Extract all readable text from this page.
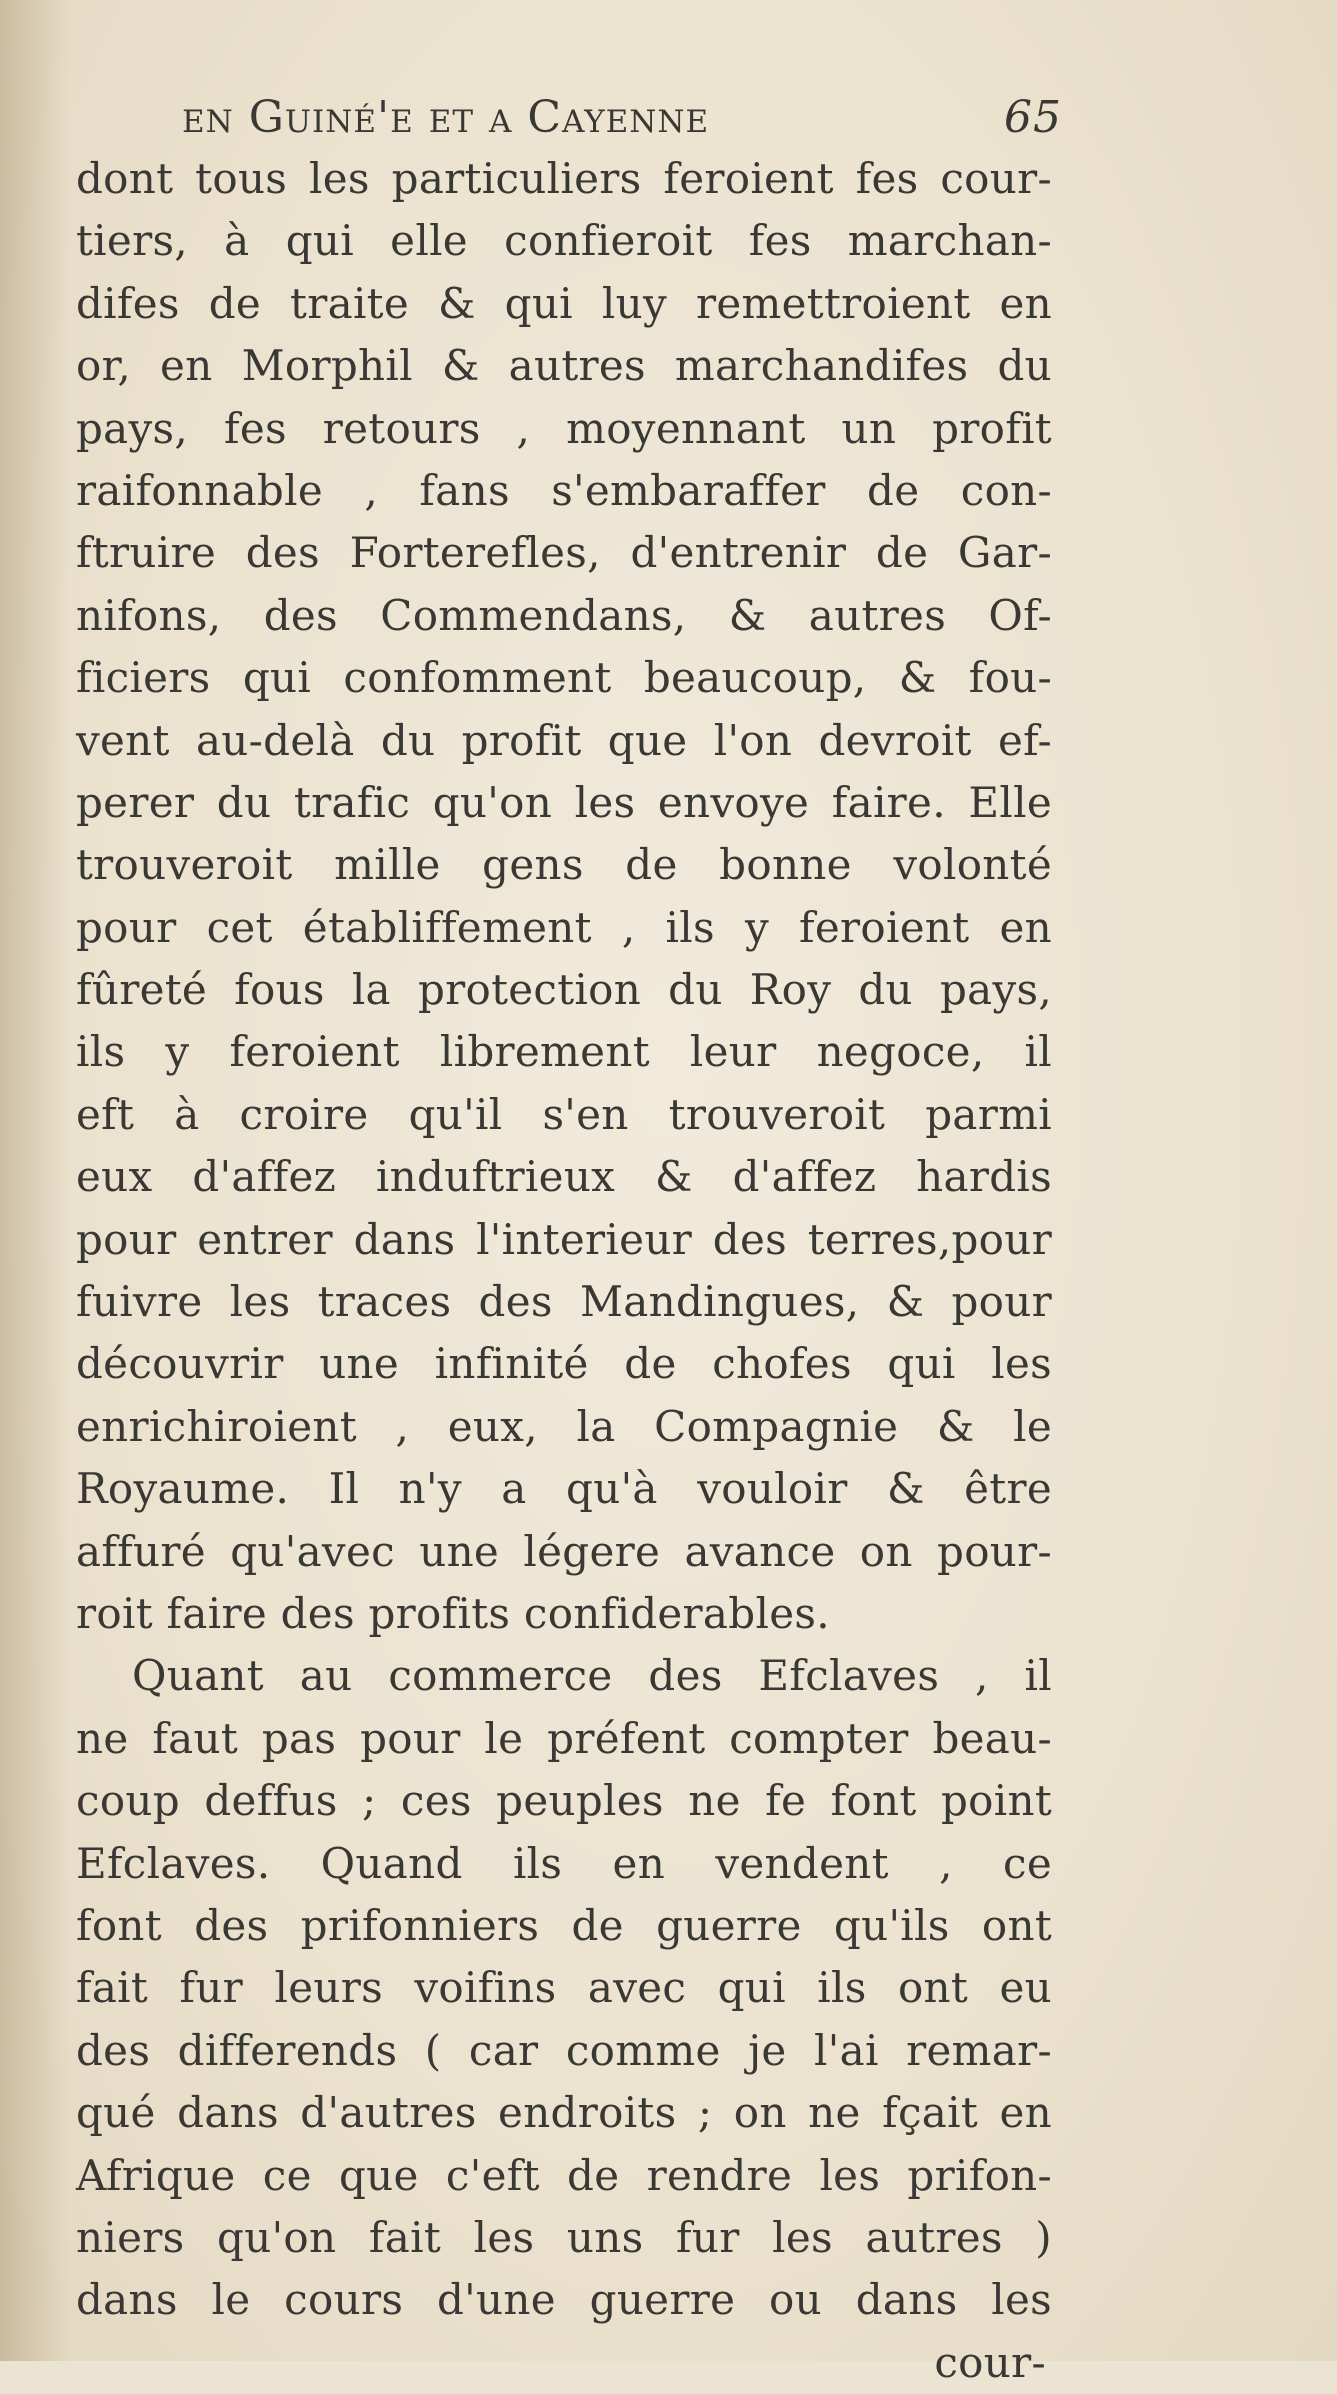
en Guiné'e et a Cayenne	65
dont tous les particuliers feroient fes cour-
tiers, à qui elle confieroit fes marchan-
difes de traite & qui luy remettroient en
or, en Morphil & autres marchandifes du
pays, fes retours , moyennant un profit
raifonnable , fans s'embaraffer de con-
ftruire des Forterefles, d'entrenir de Gar-
nifons, des Commendans, & autres Of-
ficiers qui confomment beaucoup, & fou-
vent au-delà du profit que l'on devroit ef-
perer du trafic qu'on les envoye faire. Elle
trouveroit mille gens de bonne volonté
pour cet établiffement , ils y feroient en
fûreté fous la protection du Roy du pays,
ils y feroient librement leur negoce, il
eft à croire qu'il s'en trouveroit parmi
eux d'affez induftrieux & d'affez hardis
pour entrer dans l'interieur des terres,pour
fuivre les traces des Mandingues, & pour
découvrir une infinité de chofes qui les
enrichiroient , eux, la Compagnie & le
Royaume. Il n'y a qu'à vouloir & être
affuré qu'avec une légere avance on pour-
roit faire des profits confiderables.
Quant au commerce des Efclaves , il
ne faut pas pour le préfent compter beau-
coup deffus ; ces peuples ne fe font point
Efclaves. Quand ils en vendent , ce
font des prifonniers de guerre qu'ils ont
fait fur leurs voifins avec qui ils ont eu
des differends ( car comme je l'ai remar-
qué dans d'autres endroits ; on ne fçait en
Afrique ce que c'eft de rendre les prifon-
niers qu'on fait les uns fur les autres )
dans le cours d'une guerre ou dans les
cour-
